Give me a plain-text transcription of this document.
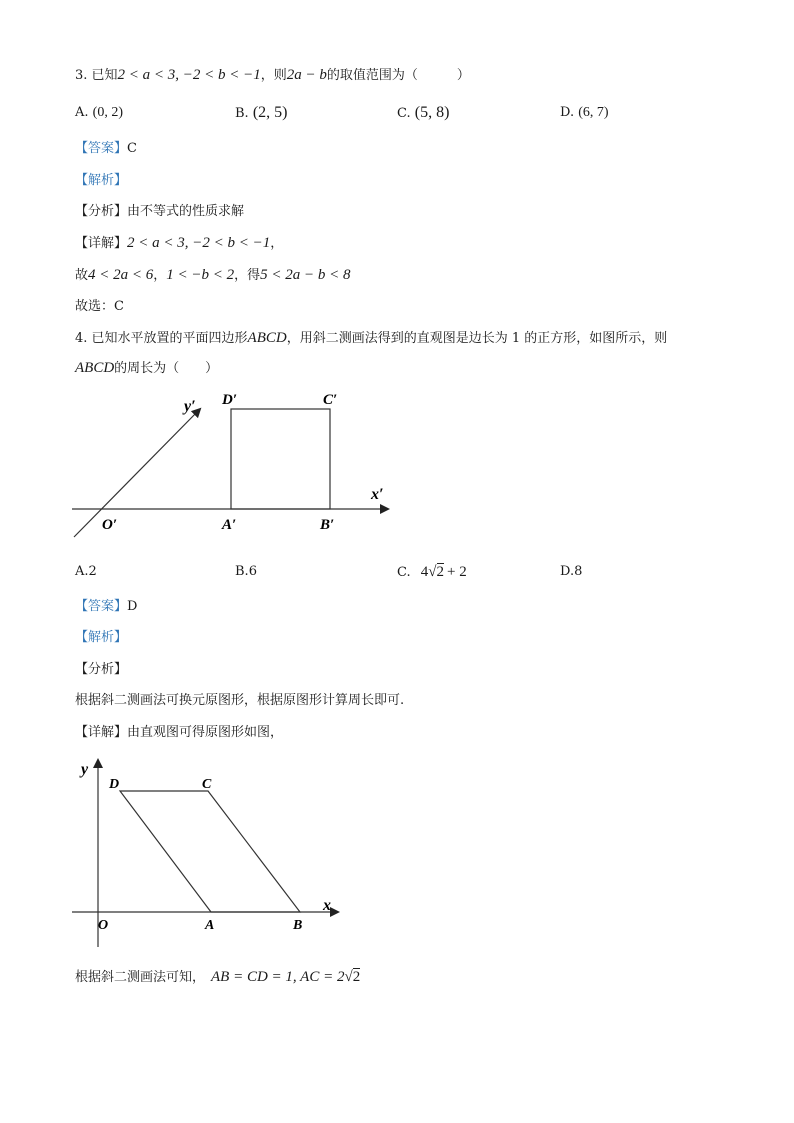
3. 已知2 < a < 3, −2 < b < −1，则2a − b的取值范围为（　　　）
A. (0, 2)	B. (2, 5)	C. (5, 8)	D. (6, 7)
【答案】C
【解析】
【分析】由不等式的性质求解
【详解】2 < a < 3, −2 < b < −1，
故4 < 2a < 6，1 < −b < 2，得5 < 2a − b < 8
故选：C
4. 已知水平放置的平面四边形ABCD，用斜二测画法得到的直观图是边长为 1 的正方形，如图所示，则
ABCD的周长为（　　）
y′
x′
O′	A′	B′
C′
D′
A.2	B.6	C. 4√2 + 2	D.8
【答案】D
【解析】
【分析】
根据斜二测画法可换元原图形，根据原图形计算周长即可.
【详解】由直观图可得原图形如图，
y
x
O	A	B
C
D
根据斜二测画法可知， AB = CD = 1, AC = 2√2
